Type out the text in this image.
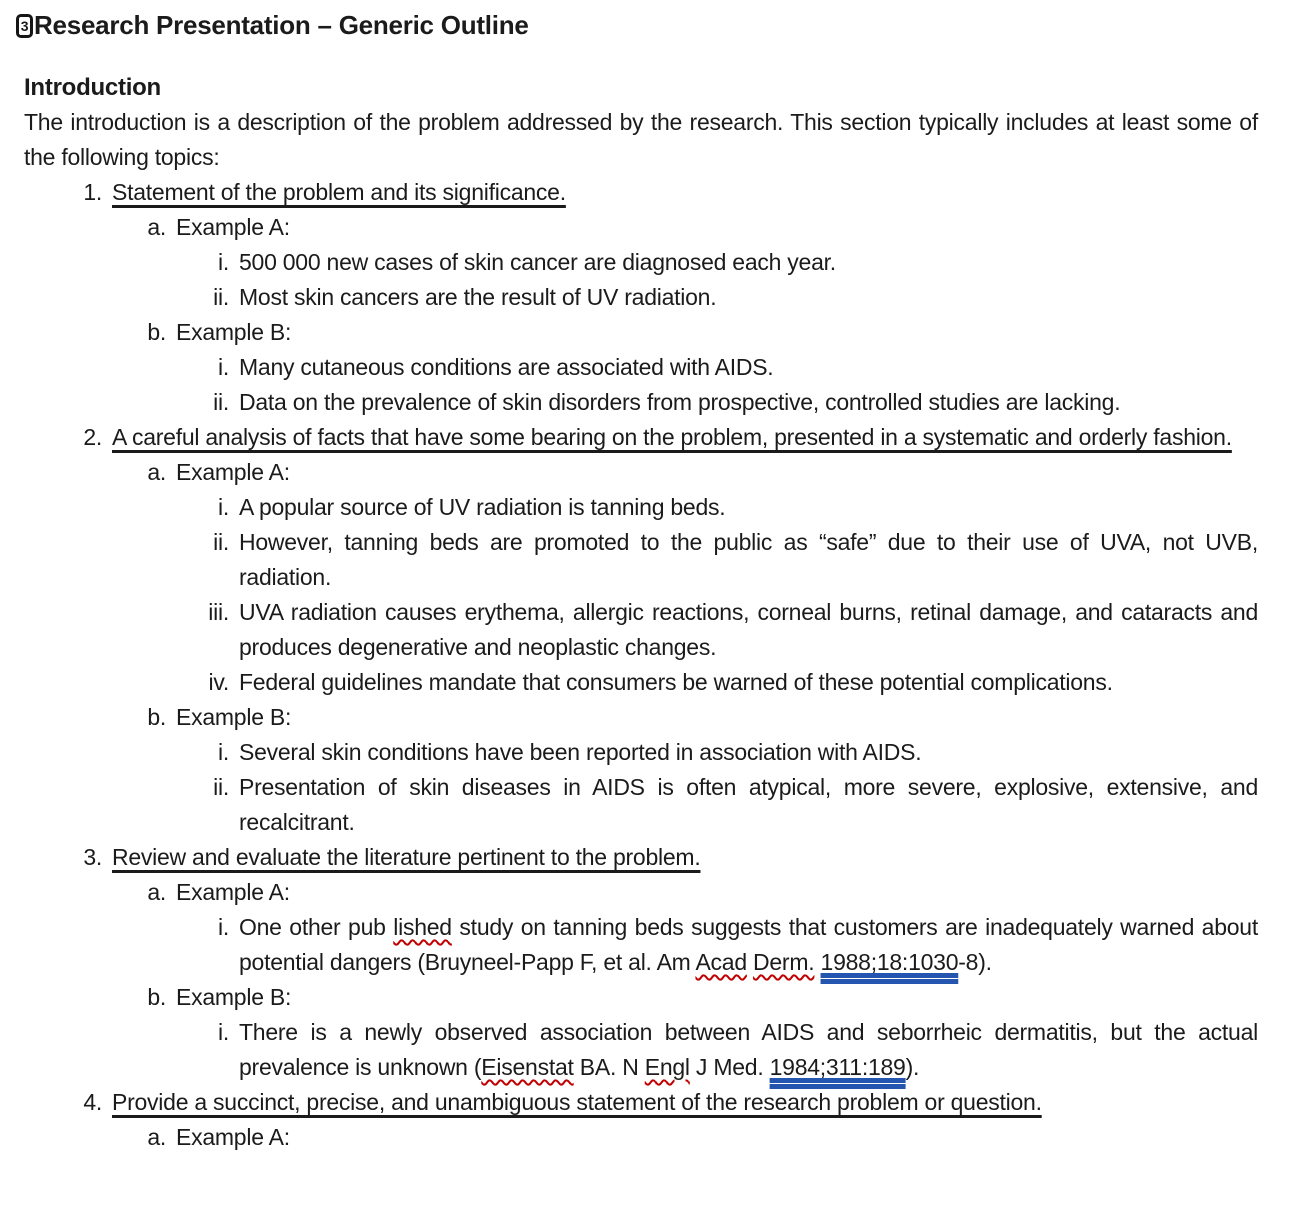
3 Research Presentation – Generic Outline
Introduction

The introduction is a description of the problem addressed by the research. This section typically includes at least some of the following topics:

1. Statement of the problem and its significance.
a. Example A:
i. 500 000 new cases of skin cancer are diagnosed each year.
ii. Most skin cancers are the result of UV radiation.
b. Example B:
i. Many cutaneous conditions are associated with AIDS.
ii. Data on the prevalence of skin disorders from prospective, controlled studies are lacking.
2. A careful analysis of facts that have some bearing on the problem, presented in a systematic and orderly fashion.
a. Example A:
i. A popular source of UV radiation is tanning beds.
ii. However, tanning beds are promoted to the public as “safe” due to their use of UVA, not UVB, radiation.
iii. UVA radiation causes erythema, allergic reactions, corneal burns, retinal damage, and cataracts and produces degenerative and neoplastic changes.
iv. Federal guidelines mandate that consumers be warned of these potential complications.
b. Example B:
i. Several skin conditions have been reported in association with AIDS.
ii. Presentation of skin diseases in AIDS is often atypical, more severe, explosive, extensive, and recalcitrant.
3. Review and evaluate the literature pertinent to the problem.
a. Example A:
i. One other pub lished study on tanning beds suggests that customers are inadequately warned about potential dangers (Bruyneel-Papp F, et al. Am Acad Derm. 1988;18:1030-8).
b. Example B:
i. There is a newly observed association between AIDS and seborrheic dermatitis, but the actual prevalence is unknown (Eisenstat BA. N Engl J Med. 1984;311:189).
4. Provide a succinct, precise, and unambiguous statement of the research problem or question.
a. Example A:
